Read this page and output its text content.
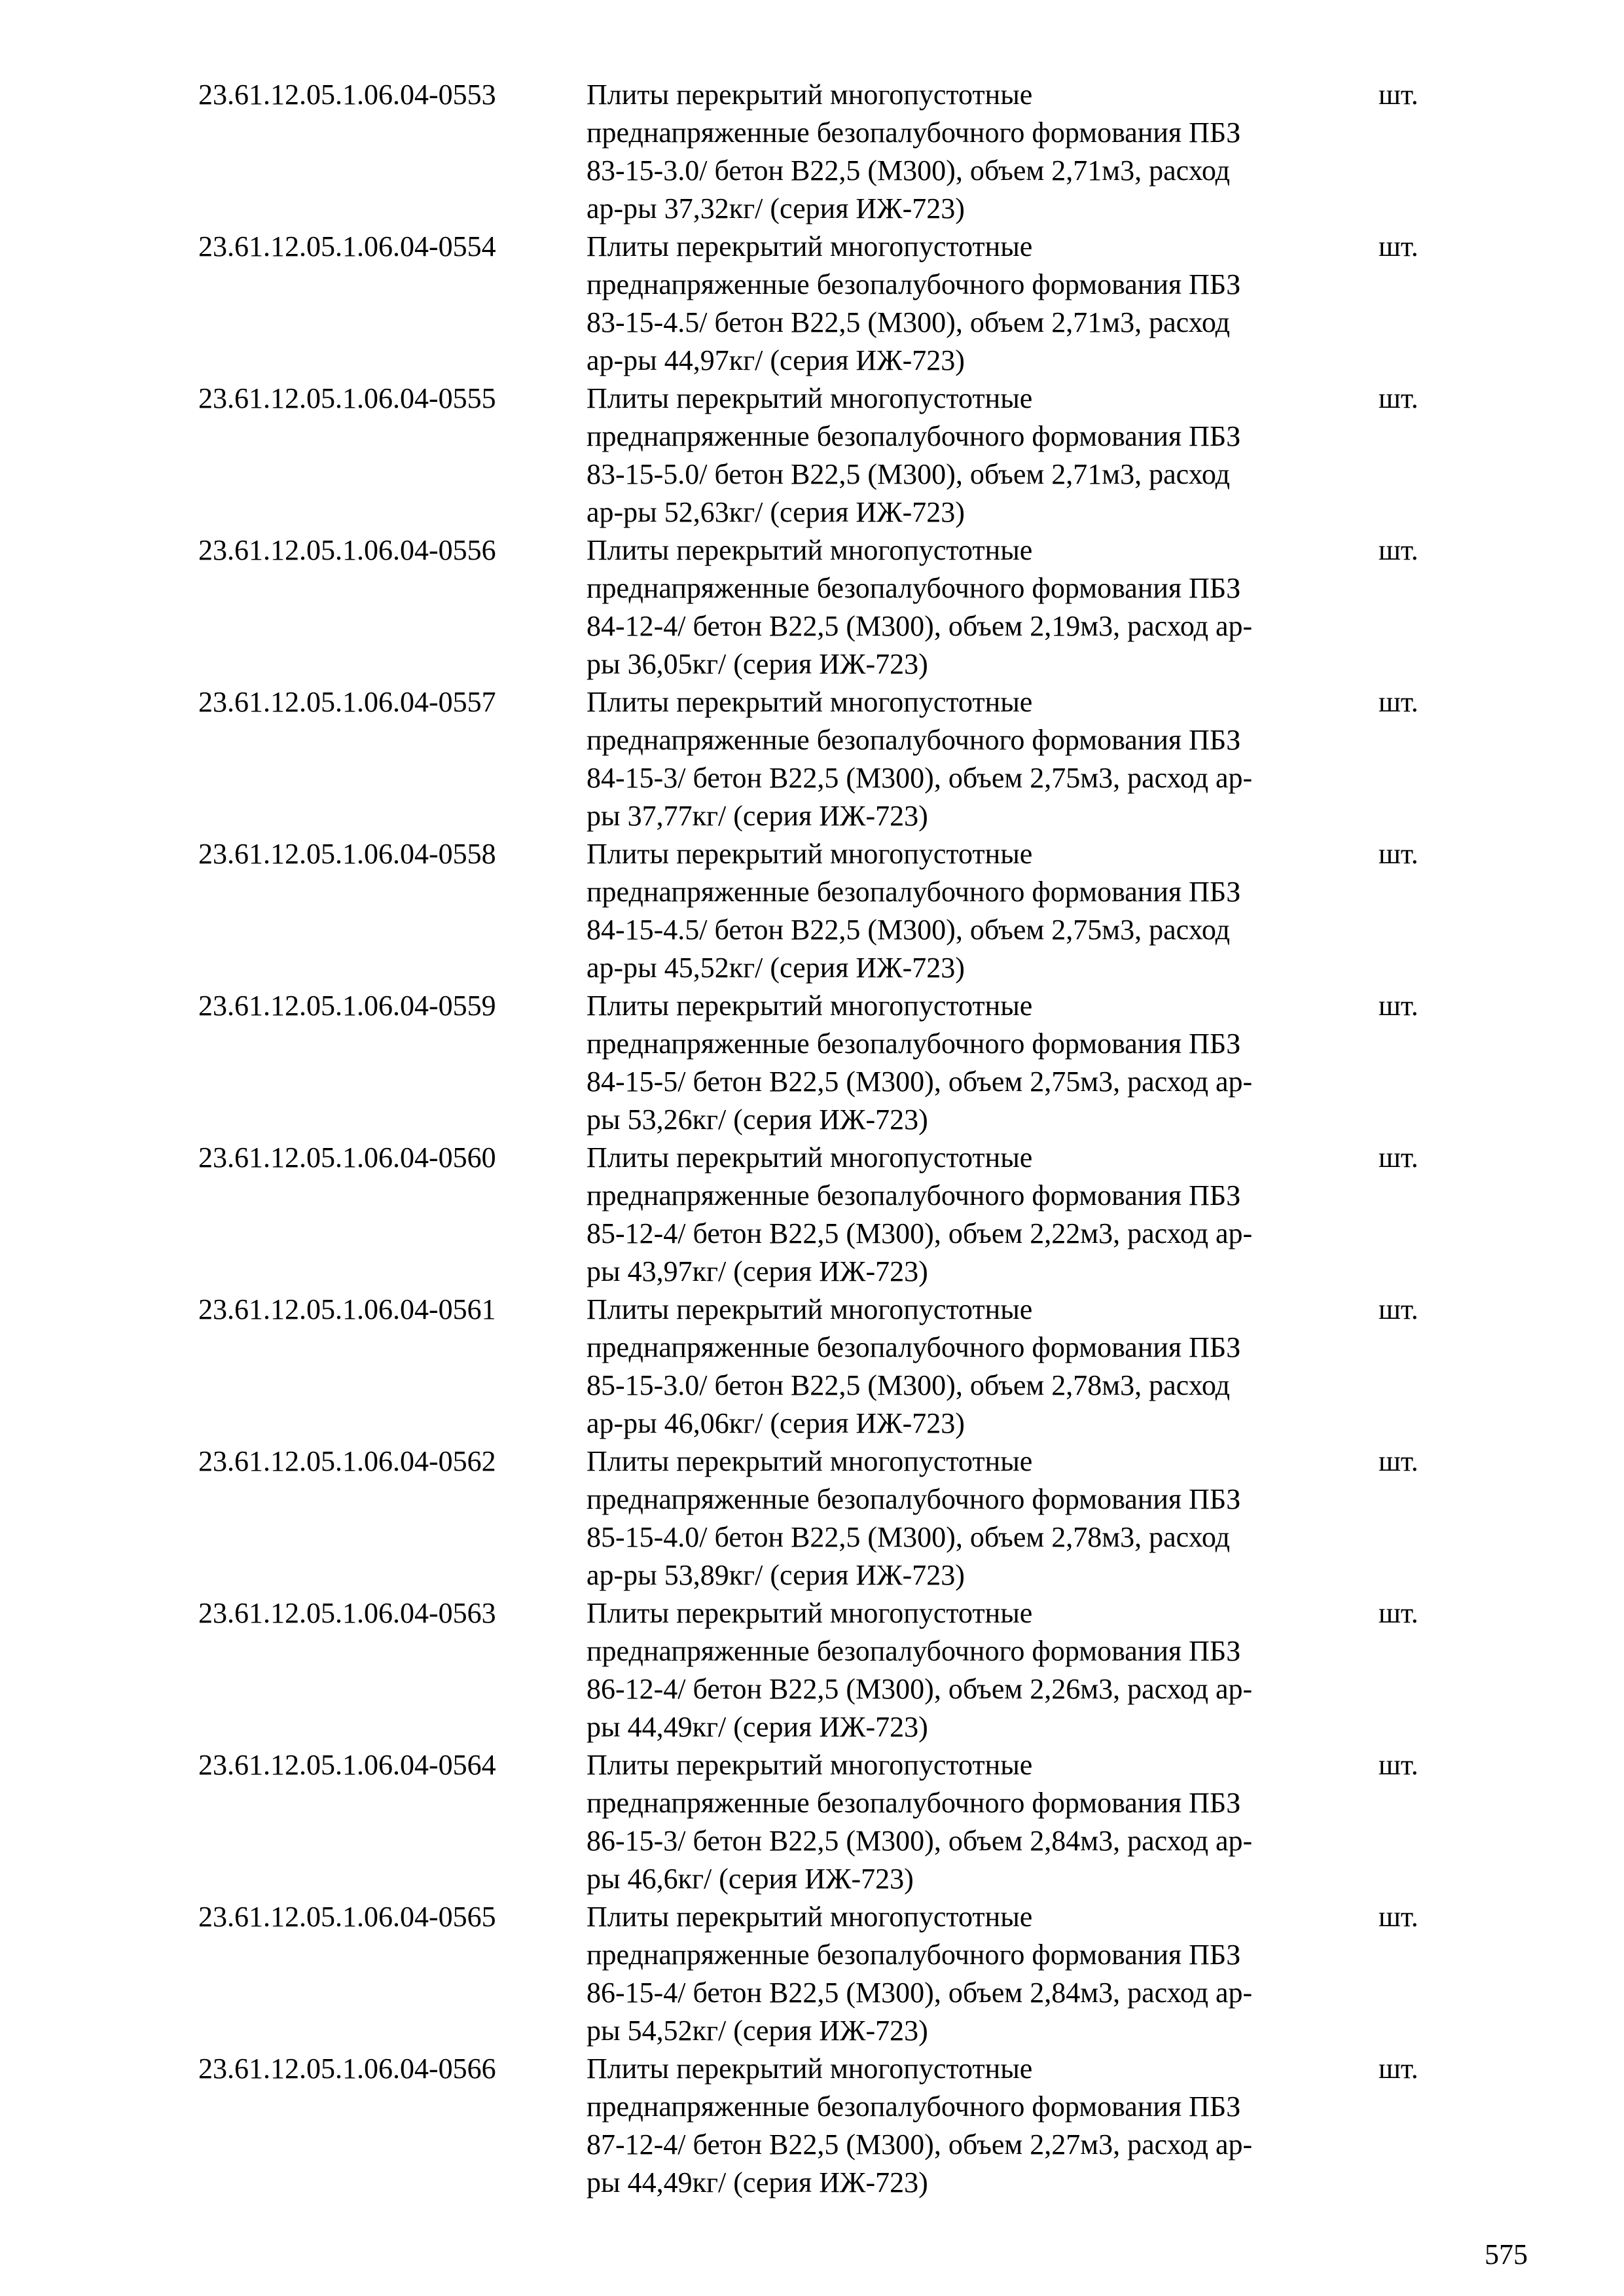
23.61.12.05.1.06.04-0553	Плиты перекрытий многопустотные
преднапряженные безопалубочного формования ПБЗ
83-15-3.0/ бетон В22,5 (М300), объем 2,71м3, расход
ар-ры 37,32кг/ (серия ИЖ-723)
шт.
23.61.12.05.1.06.04-0554	Плиты перекрытий многопустотные
преднапряженные безопалубочного формования ПБЗ
83-15-4.5/ бетон В22,5 (М300), объем 2,71м3, расход
ар-ры 44,97кг/ (серия ИЖ-723)
шт.
23.61.12.05.1.06.04-0555	Плиты перекрытий многопустотные
преднапряженные безопалубочного формования ПБЗ
83-15-5.0/ бетон В22,5 (М300), объем 2,71м3, расход
ар-ры 52,63кг/ (серия ИЖ-723)
шт.
23.61.12.05.1.06.04-0556	Плиты перекрытий многопустотные
преднапряженные безопалубочного формования ПБЗ
84-12-4/ бетон В22,5 (М300), объем 2,19м3, расход ар-
ры 36,05кг/ (серия ИЖ-723)
шт.
23.61.12.05.1.06.04-0557	Плиты перекрытий многопустотные
преднапряженные безопалубочного формования ПБЗ
84-15-3/ бетон В22,5 (М300), объем 2,75м3, расход ар-
ры 37,77кг/ (серия ИЖ-723)
шт.
23.61.12.05.1.06.04-0558	Плиты перекрытий многопустотные
преднапряженные безопалубочного формования ПБЗ
84-15-4.5/ бетон В22,5 (М300), объем 2,75м3, расход
ар-ры 45,52кг/ (серия ИЖ-723)
шт.
23.61.12.05.1.06.04-0559	Плиты перекрытий многопустотные
преднапряженные безопалубочного формования ПБЗ
84-15-5/ бетон В22,5 (М300), объем 2,75м3, расход ар-
ры 53,26кг/ (серия ИЖ-723)
шт.
23.61.12.05.1.06.04-0560	Плиты перекрытий многопустотные
преднапряженные безопалубочного формования ПБЗ
85-12-4/ бетон В22,5 (М300), объем 2,22м3, расход ар-
ры 43,97кг/ (серия ИЖ-723)
шт.
23.61.12.05.1.06.04-0561	Плиты перекрытий многопустотные
преднапряженные безопалубочного формования ПБЗ
85-15-3.0/ бетон В22,5 (М300), объем 2,78м3, расход
ар-ры 46,06кг/ (серия ИЖ-723)
шт.
23.61.12.05.1.06.04-0562	Плиты перекрытий многопустотные
преднапряженные безопалубочного формования ПБЗ
85-15-4.0/ бетон В22,5 (М300), объем 2,78м3, расход
ар-ры 53,89кг/ (серия ИЖ-723)
шт.
23.61.12.05.1.06.04-0563	Плиты перекрытий многопустотные
преднапряженные безопалубочного формования ПБЗ
86-12-4/ бетон В22,5 (М300), объем 2,26м3, расход ар-
ры 44,49кг/ (серия ИЖ-723)
шт.
23.61.12.05.1.06.04-0564	Плиты перекрытий многопустотные
преднапряженные безопалубочного формования ПБЗ
86-15-3/ бетон В22,5 (М300), объем 2,84м3, расход ар-
ры 46,6кг/ (серия ИЖ-723)
шт.
23.61.12.05.1.06.04-0565	Плиты перекрытий многопустотные
преднапряженные безопалубочного формования ПБЗ
86-15-4/ бетон В22,5 (М300), объем 2,84м3, расход ар-
ры 54,52кг/ (серия ИЖ-723)
шт.
23.61.12.05.1.06.04-0566	Плиты перекрытий многопустотные
преднапряженные безопалубочного формования ПБЗ
87-12-4/ бетон В22,5 (М300), объем 2,27м3, расход ар-
ры 44,49кг/ (серия ИЖ-723)
шт.
575
